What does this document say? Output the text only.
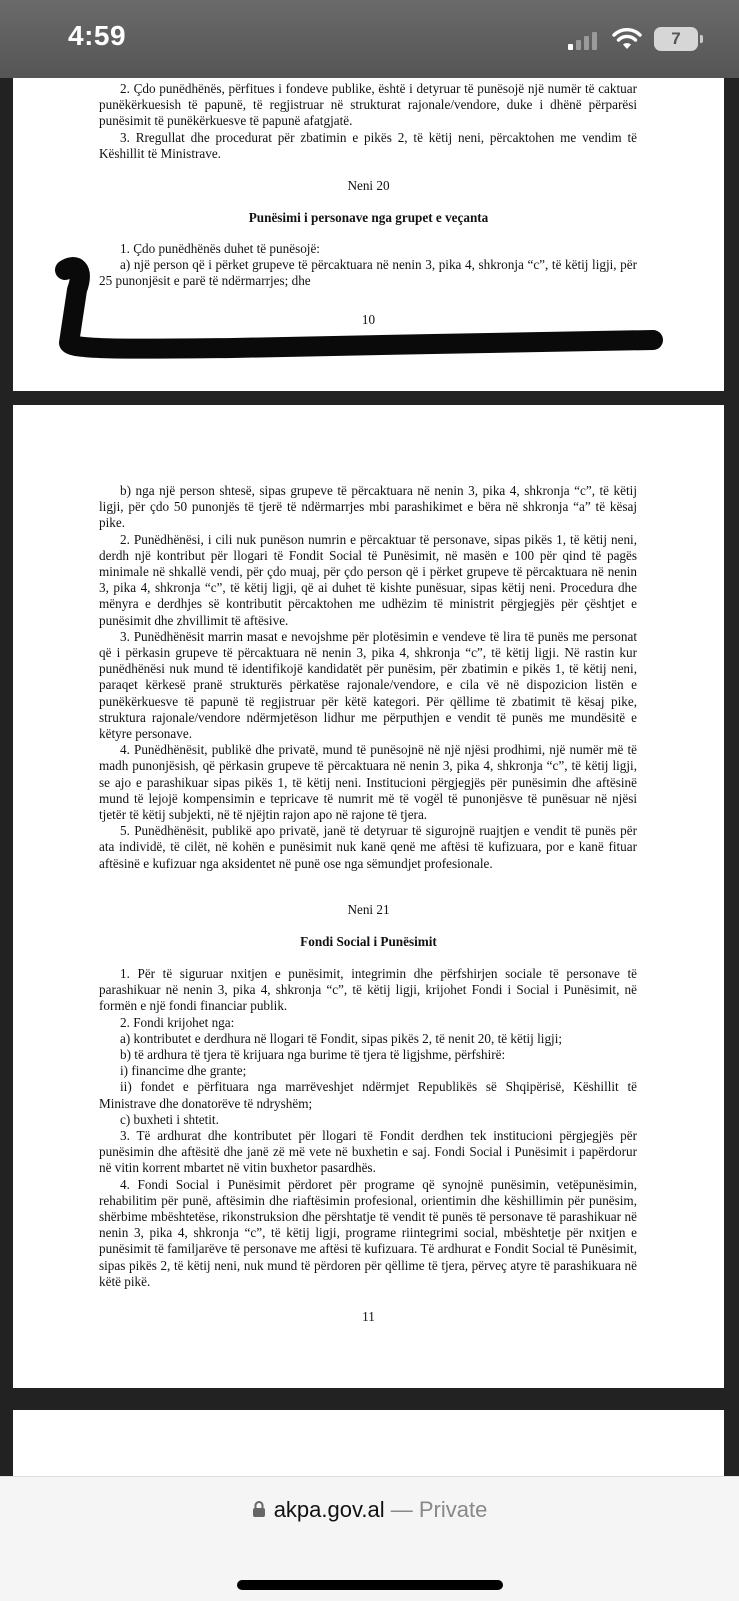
4:59	7

2. Çdo punëdhënës, përfitues i fondeve publike, është i detyruar të punësojë një numër të caktuar punëkërkuesish të papunë, të regjistruar në strukturat rajonale/vendore, duke i dhënë përparësi punësimit të punëkërkuesve të papunë afatgjatë.

3. Rregullat dhe procedurat për zbatimin e pikës 2, të këtij neni, përcaktohen me vendim të Këshillit të Ministrave.

Neni 20
Punësimi i personave nga grupet e veçanta

1. Çdo punëdhënës duhet të punësojë:

a) një person që i përket grupeve të përcaktuara në nenin 3, pika 4, shkronja “c”, të këtij ligji, për 25 punonjësit e parë të ndërmarrjes; dhe

10

b) nga një person shtesë, sipas grupeve të përcaktuara në nenin 3, pika 4, shkronja “c”, të këtij ligji, për çdo 50 punonjës të tjerë të ndërmarrjes mbi parashikimet e bëra në shkronja “a” të kësaj pike.

2. Punëdhënësi, i cili nuk punëson numrin e përcaktuar të personave, sipas pikës 1, të këtij neni, derdh një kontribut për llogari të Fondit Social të Punësimit, në masën e 100 për qind të pagës minimale në shkallë vendi, për çdo muaj, për çdo person që i përket grupeve të përcaktuara në nenin 3, pika 4, shkronja “c”, të këtij ligji, që ai duhet të kishte punësuar, sipas këtij neni. Procedura dhe mënyra e derdhjes së kontributit përcaktohen me udhëzim të ministrit përgjegjës për çështjet e punësimit dhe zhvillimit të aftësive.

3. Punëdhënësit marrin masat e nevojshme për plotësimin e vendeve të lira të punës me personat që i përkasin grupeve të përcaktuara në nenin 3, pika 4, shkronja “c”, të këtij ligji. Në rastin kur punëdhënësi nuk mund të identifikojë kandidatët për punësim, për zbatimin e pikës 1, të këtij neni, paraqet kërkesë pranë strukturës përkatëse rajonale/vendore, e cila vë në dispozicion listën e punëkërkuesve të papunë të regjistruar për këtë kategori. Për qëllime të zbatimit të kësaj pike, struktura rajonale/vendore ndërmjetëson lidhur me përputhjen e vendit të punës me mundësitë e këtyre personave.

4. Punëdhënësit, publikë dhe privatë, mund të punësojnë në një njësi prodhimi, një numër më të madh punonjësish, që përkasin grupeve të përcaktuara në nenin 3, pika 4, shkronja “c”, të këtij ligji, se ajo e parashikuar sipas pikës 1, të këtij neni. Institucioni përgjegjës për punësimin dhe aftësinë mund të lejojë kompensimin e tepricave të numrit më të vogël të punonjësve të punësuar në njësi tjetër të këtij subjekti, në të njëjtin rajon apo në rajone të tjera.

5. Punëdhënësit, publikë apo privatë, janë të detyruar të sigurojnë ruajtjen e vendit të punës për ata individë, të cilët, në kohën e punësimit nuk kanë qenë me aftësi të kufizuara, por e kanë fituar aftësinë e kufizuar nga aksidentet në punë ose nga sëmundjet profesionale.

Neni 21
Fondi Social i Punësimit

1. Për të siguruar nxitjen e punësimit, integrimin dhe përfshirjen sociale të personave të parashikuar në nenin 3, pika 4, shkronja “c”, të këtij ligji, krijohet Fondi i Social i Punësimit, në formën e një fondi financiar publik.

2. Fondi krijohet nga:

a) kontributet e derdhura në llogari të Fondit, sipas pikës 2, të nenit 20, të këtij ligji;

b) të ardhura të tjera të krijuara nga burime të tjera të ligjshme, përfshirë:

i) financime dhe grante;

ii) fondet e përfituara nga marrëveshjet ndërmjet Republikës së Shqipërisë, Këshillit të Ministrave dhe donatorëve të ndryshëm;

c) buxheti i shtetit.

3. Të ardhurat dhe kontributet për llogari të Fondit derdhen tek institucioni përgjegjës për punësimin dhe aftësitë dhe janë zë më vete në buxhetin e saj. Fondi Social i Punësimit i papërdorur në vitin korrent mbartet në vitin buxhetor pasardhës.

4. Fondi Social i Punësimit përdoret për programe që synojnë punësimin, vetëpunësimin, rehabilitim për punë, aftësimin dhe riaftësimin profesional, orientimin dhe këshillimin për punësim, shërbime mbështetëse, rikonstruksion dhe përshtatje të vendit të punës të personave të parashikuar në nenin 3, pika 4, shkronja “c”, të këtij ligji, programe riintegrimi social, mbështetje për nxitjen e punësimit të familjarëve të personave me aftësi të kufizuara. Të ardhurat e Fondit Social të Punësimit, sipas pikës 2, të këtij neni, nuk mund të përdoren për qëllime të tjera, përveç atyre të parashikuara në këtë pikë.

11
akpa.gov.al — Private
